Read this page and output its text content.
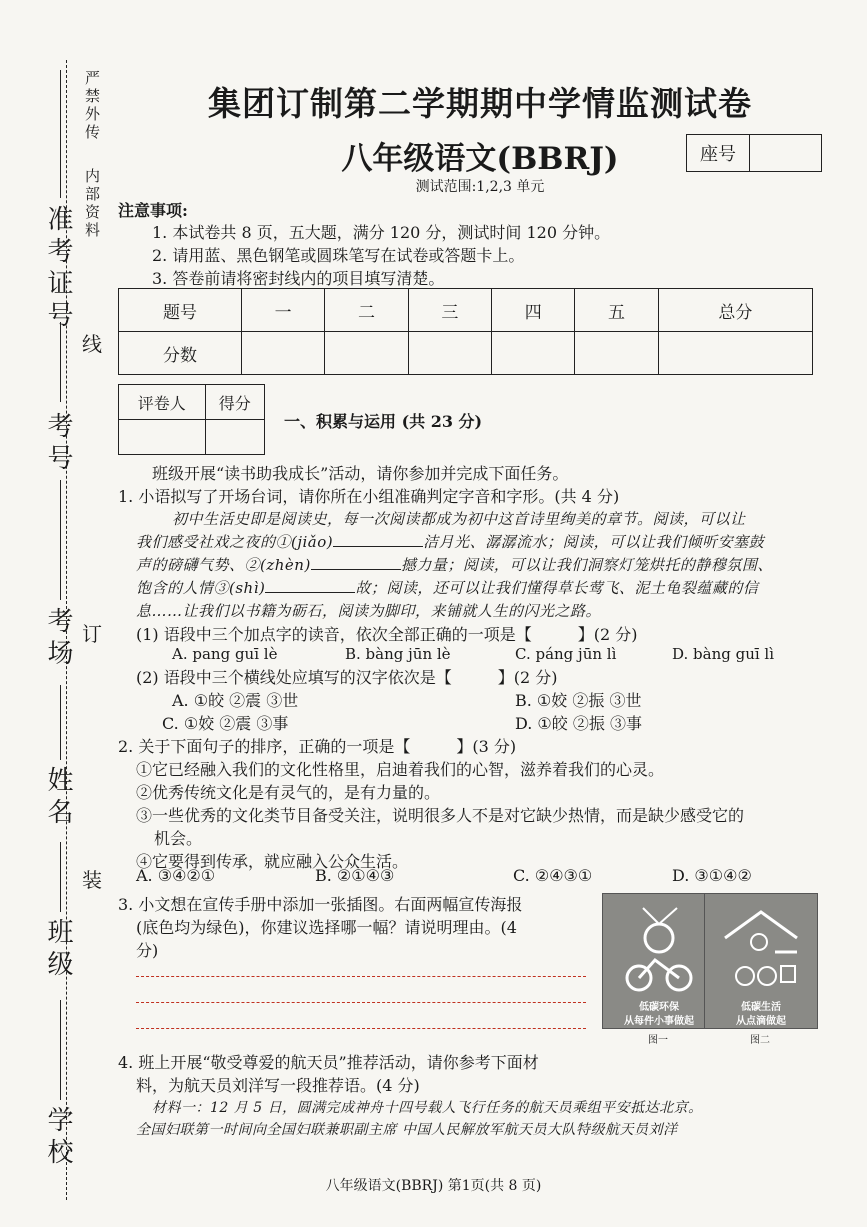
严禁外传
内部资料
准考证号
考号
考场
姓名
班级
学校
线
订
装
集团订制第二学期期中学情监测试卷
八年级语文(BBRJ)	座号
测试范围:1,2,3 单元
注意事项:
1. 本试卷共 8 页，五大题，满分 120 分，测试时间 120 分钟。
2. 请用蓝、黑色钢笔或圆珠笔写在试卷或答题卡上。
3. 答卷前请将密封线内的项目填写清楚。
题号	一	二	三	四	五	总分
分数						
评卷人	得分

一、积累与运用 (共 23 分)
班级开展“读书助我成长”活动，请你参加并完成下面任务。
1. 小语拟写了开场台词，请你所在小组准确判定字音和字形。(共 4 分)
初中生活史即是阅读史，每一次阅读都成为初中这首诗里绚美的章节。阅读，可以让
我们感受社戏之夜的①(jiǎo)	洁月光、潺潺流水；阅读，可以让我们倾听安塞鼓
声的磅礴气势、②(zhèn)	撼力量；阅读，可以让我们洞察灯笼烘托的静穆氛围、
饱含的人情③(shì)	故；阅读，还可以让我们懂得草长莺飞、泥土龟裂蕴藏的信
息……让我们以书籍为砺石，阅读为脚印，来铺就人生的闪光之路。
(1) 语段中三个加点字的读音，依次全部正确的一项是【	】(2 分)
A. pang guī lè	B. bàng jūn lè	C. páng jūn lì	D. bàng guī lì
(2) 语段中三个横线处应填写的汉字依次是【	】(2 分)
A. ①皎 ②震 ③世	B. ①姣 ②振 ③世
C. ①姣 ②震 ③事	D. ①皎 ②振 ③事
2. 关于下面句子的排序，正确的一项是【	】(3 分)
①它已经融入我们的文化性格里，启迪着我们的心智，滋养着我们的心灵。
②优秀传统文化是有灵气的，是有力量的。
③一些优秀的文化类节目备受关注，说明很多人不是对它缺少热情，而是缺少感受它的
机会。
④它要得到传承，就应融入公众生活。
A. ③④②①	B. ②①④③	C. ②④③①	D. ③①④②
3. 小文想在宣传手册中添加一张插图。右面两幅宣传海报
(底色均为绿色)，你建议选择哪一幅？请说明理由。(4
分)
低碳环保
从每件小事做起
图一
低碳生活
从点滴做起
图二
4. 班上开展“敬受尊爱的航天员”推荐活动，请你参考下面材
料，为航天员刘洋写一段推荐语。(4 分)
材料一：12 月 5 日，圆满完成神舟十四号载人飞行任务的航天员乘组平安抵达北京。
全国妇联第一时间向全国妇联兼职副主席 中国人民解放军航天员大队特级航天员刘洋
八年级语文(BBRJ) 第1页(共 8 页)
